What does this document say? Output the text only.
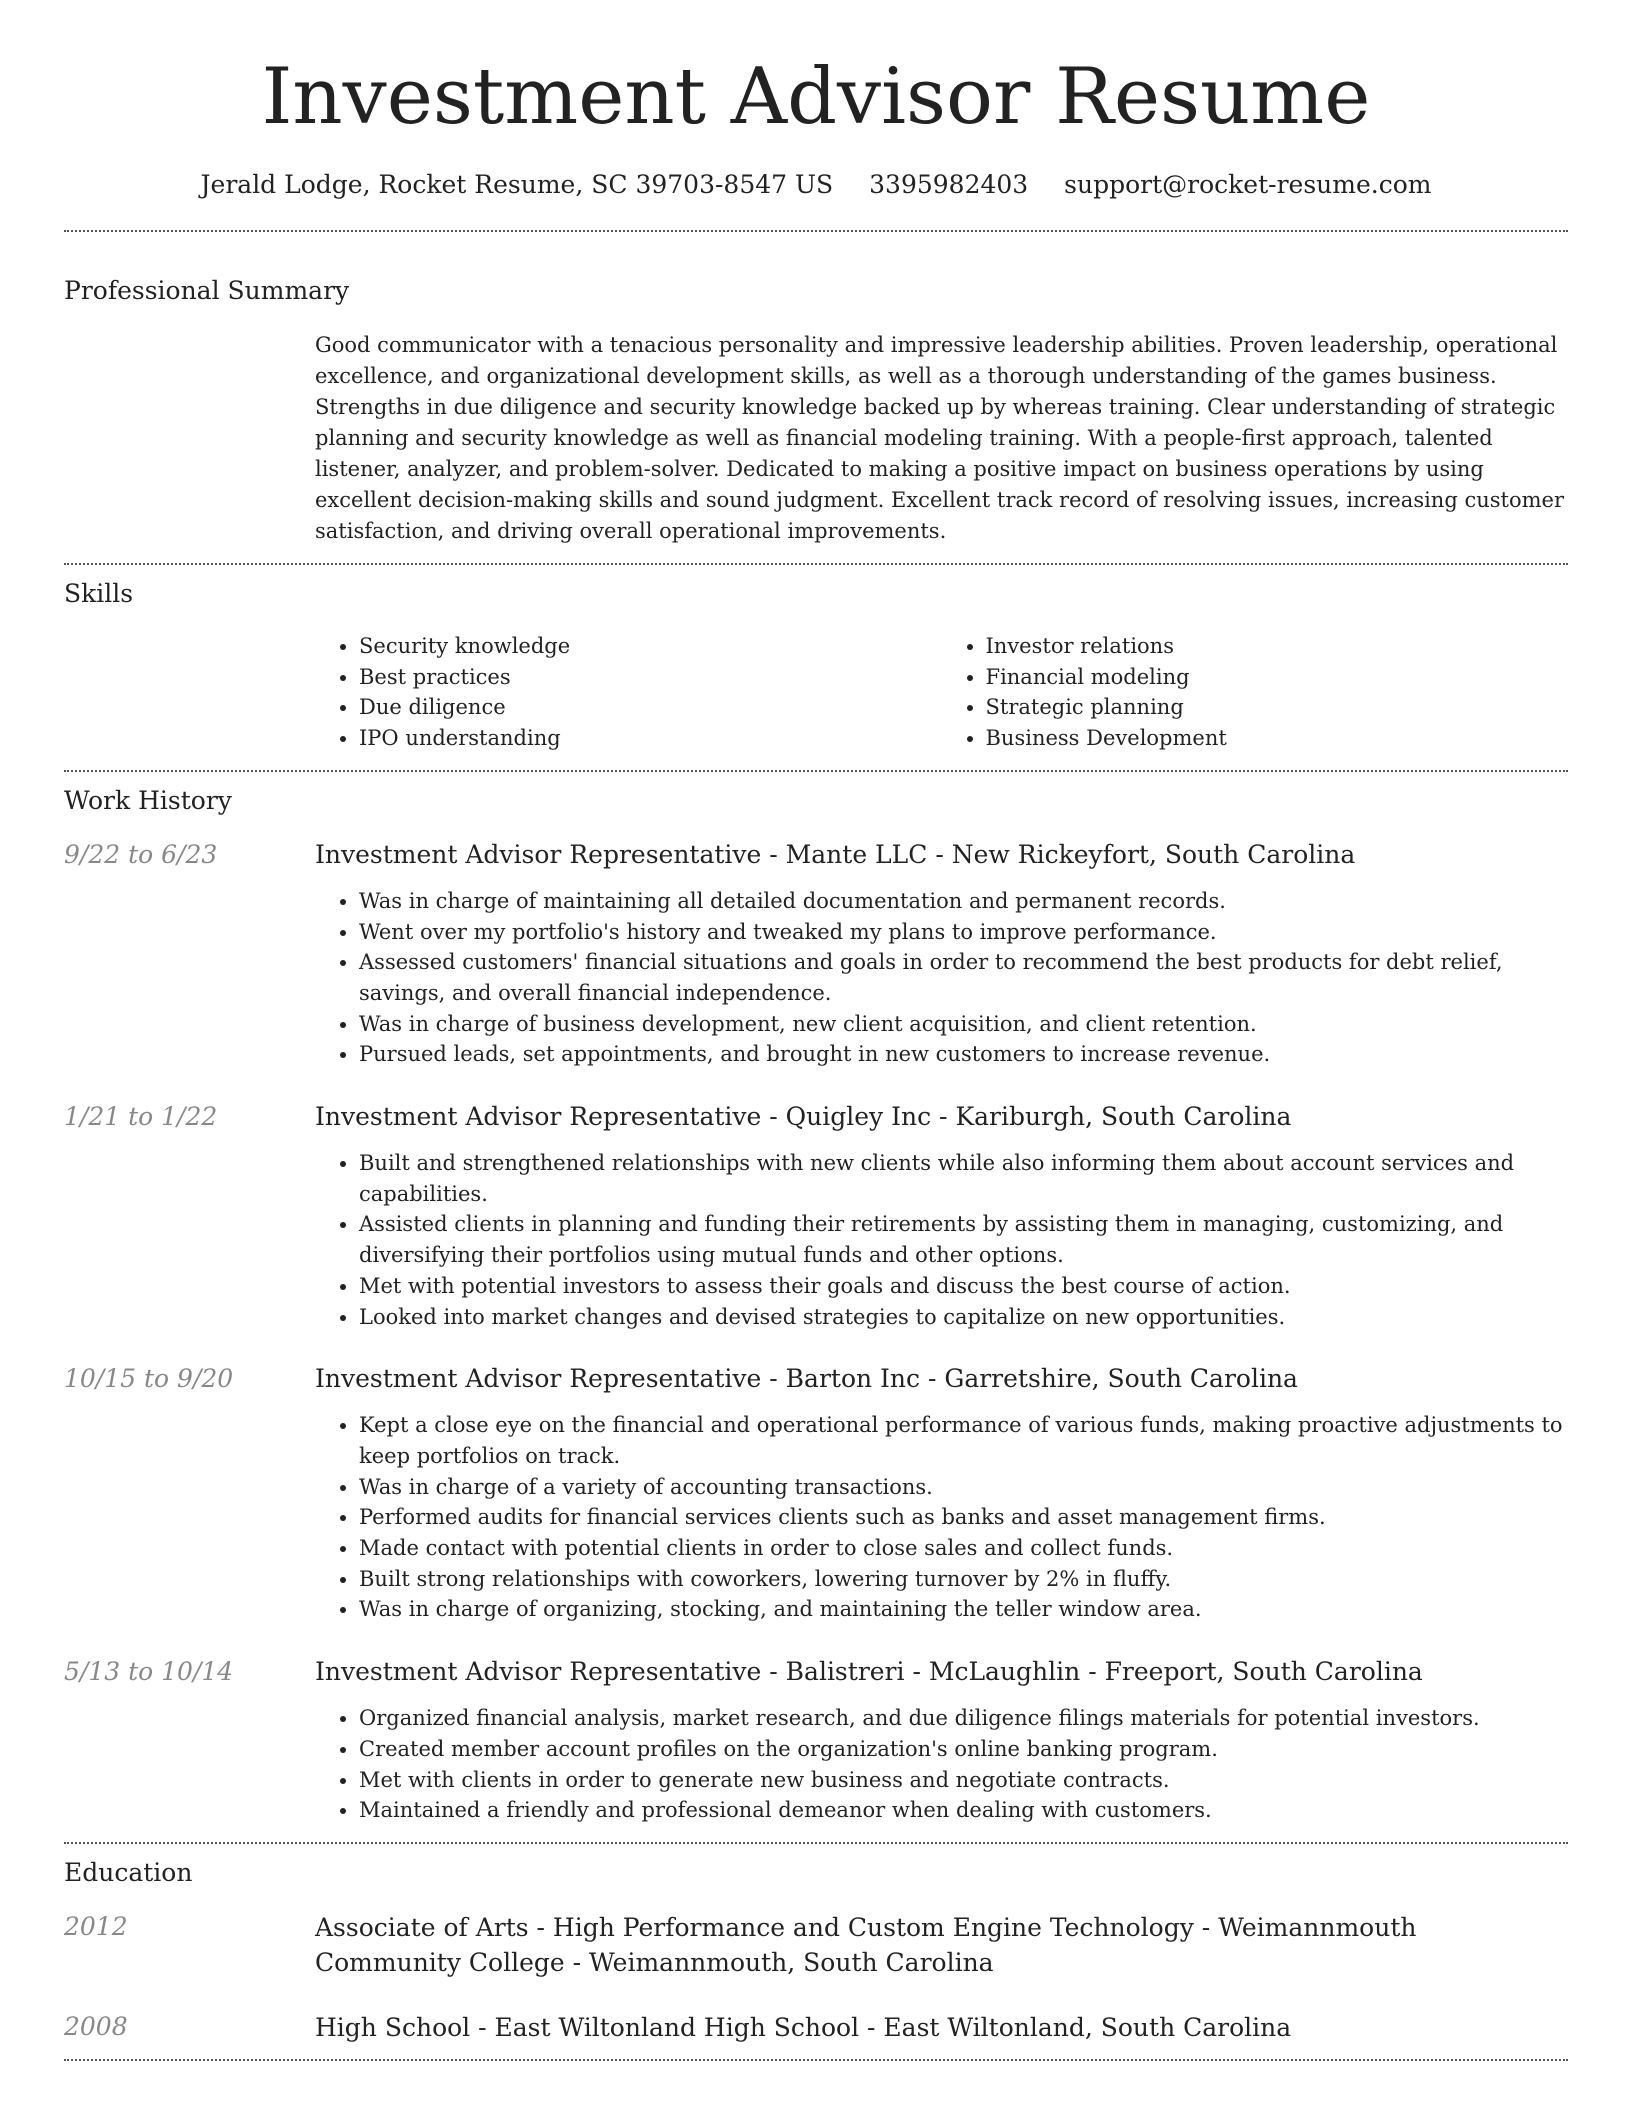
Investment Advisor Resume
Jerald Lodge, Rocket Resume, SC 39703-8547 US 3395982403 support@rocket-resume.com
Professional Summary

Good communicator with a tenacious personality and impressive leadership abilities. Proven leadership, operational excellence, and organizational development skills, as well as a thorough understanding of the games business. Strengths in due diligence and security knowledge backed up by whereas training. Clear understanding of strategic planning and security knowledge as well as financial modeling training. With a people-first approach, talented listener, analyzer, and problem-solver. Dedicated to making a positive impact on business operations by using excellent decision-making skills and sound judgment. Excellent track record of resolving issues, increasing customer satisfaction, and driving overall operational improvements.

Skills
• Security knowledge
• Best practices
• Due diligence
• IPO understanding
• Investor relations
• Financial modeling
• Strategic planning
• Business Development
Work History
9/22 to 6/23	Investment Advisor Representative - Mante LLC - New Rickeyfort, South Carolina
• Was in charge of maintaining all detailed documentation and permanent records.
• Went over my portfolio's history and tweaked my plans to improve performance.
• Assessed customers' financial situations and goals in order to recommend the best products for debt relief, savings, and overall financial independence.
• Was in charge of business development, new client acquisition, and client retention.
• Pursued leads, set appointments, and brought in new customers to increase revenue.
1/21 to 1/22	Investment Advisor Representative - Quigley Inc - Kariburgh, South Carolina
• Built and strengthened relationships with new clients while also informing them about account services and capabilities.
• Assisted clients in planning and funding their retirements by assisting them in managing, customizing, and diversifying their portfolios using mutual funds and other options.
• Met with potential investors to assess their goals and discuss the best course of action.
• Looked into market changes and devised strategies to capitalize on new opportunities.
10/15 to 9/20	Investment Advisor Representative - Barton Inc - Garretshire, South Carolina
• Kept a close eye on the financial and operational performance of various funds, making proactive adjustments to keep portfolios on track.
• Was in charge of a variety of accounting transactions.
• Performed audits for financial services clients such as banks and asset management firms.
• Made contact with potential clients in order to close sales and collect funds.
• Built strong relationships with coworkers, lowering turnover by 2% in fluffy.
• Was in charge of organizing, stocking, and maintaining the teller window area.
5/13 to 10/14	Investment Advisor Representative - Balistreri - McLaughlin - Freeport, South Carolina
• Organized financial analysis, market research, and due diligence filings materials for potential investors.
• Created member account profiles on the organization's online banking program.
• Met with clients in order to generate new business and negotiate contracts.
• Maintained a friendly and professional demeanor when dealing with customers.
Education
2012	Associate of Arts - High Performance and Custom Engine Technology - Weimannmouth Community College - Weimannmouth, South Carolina
2008	High School - East Wiltonland High School - East Wiltonland, South Carolina
